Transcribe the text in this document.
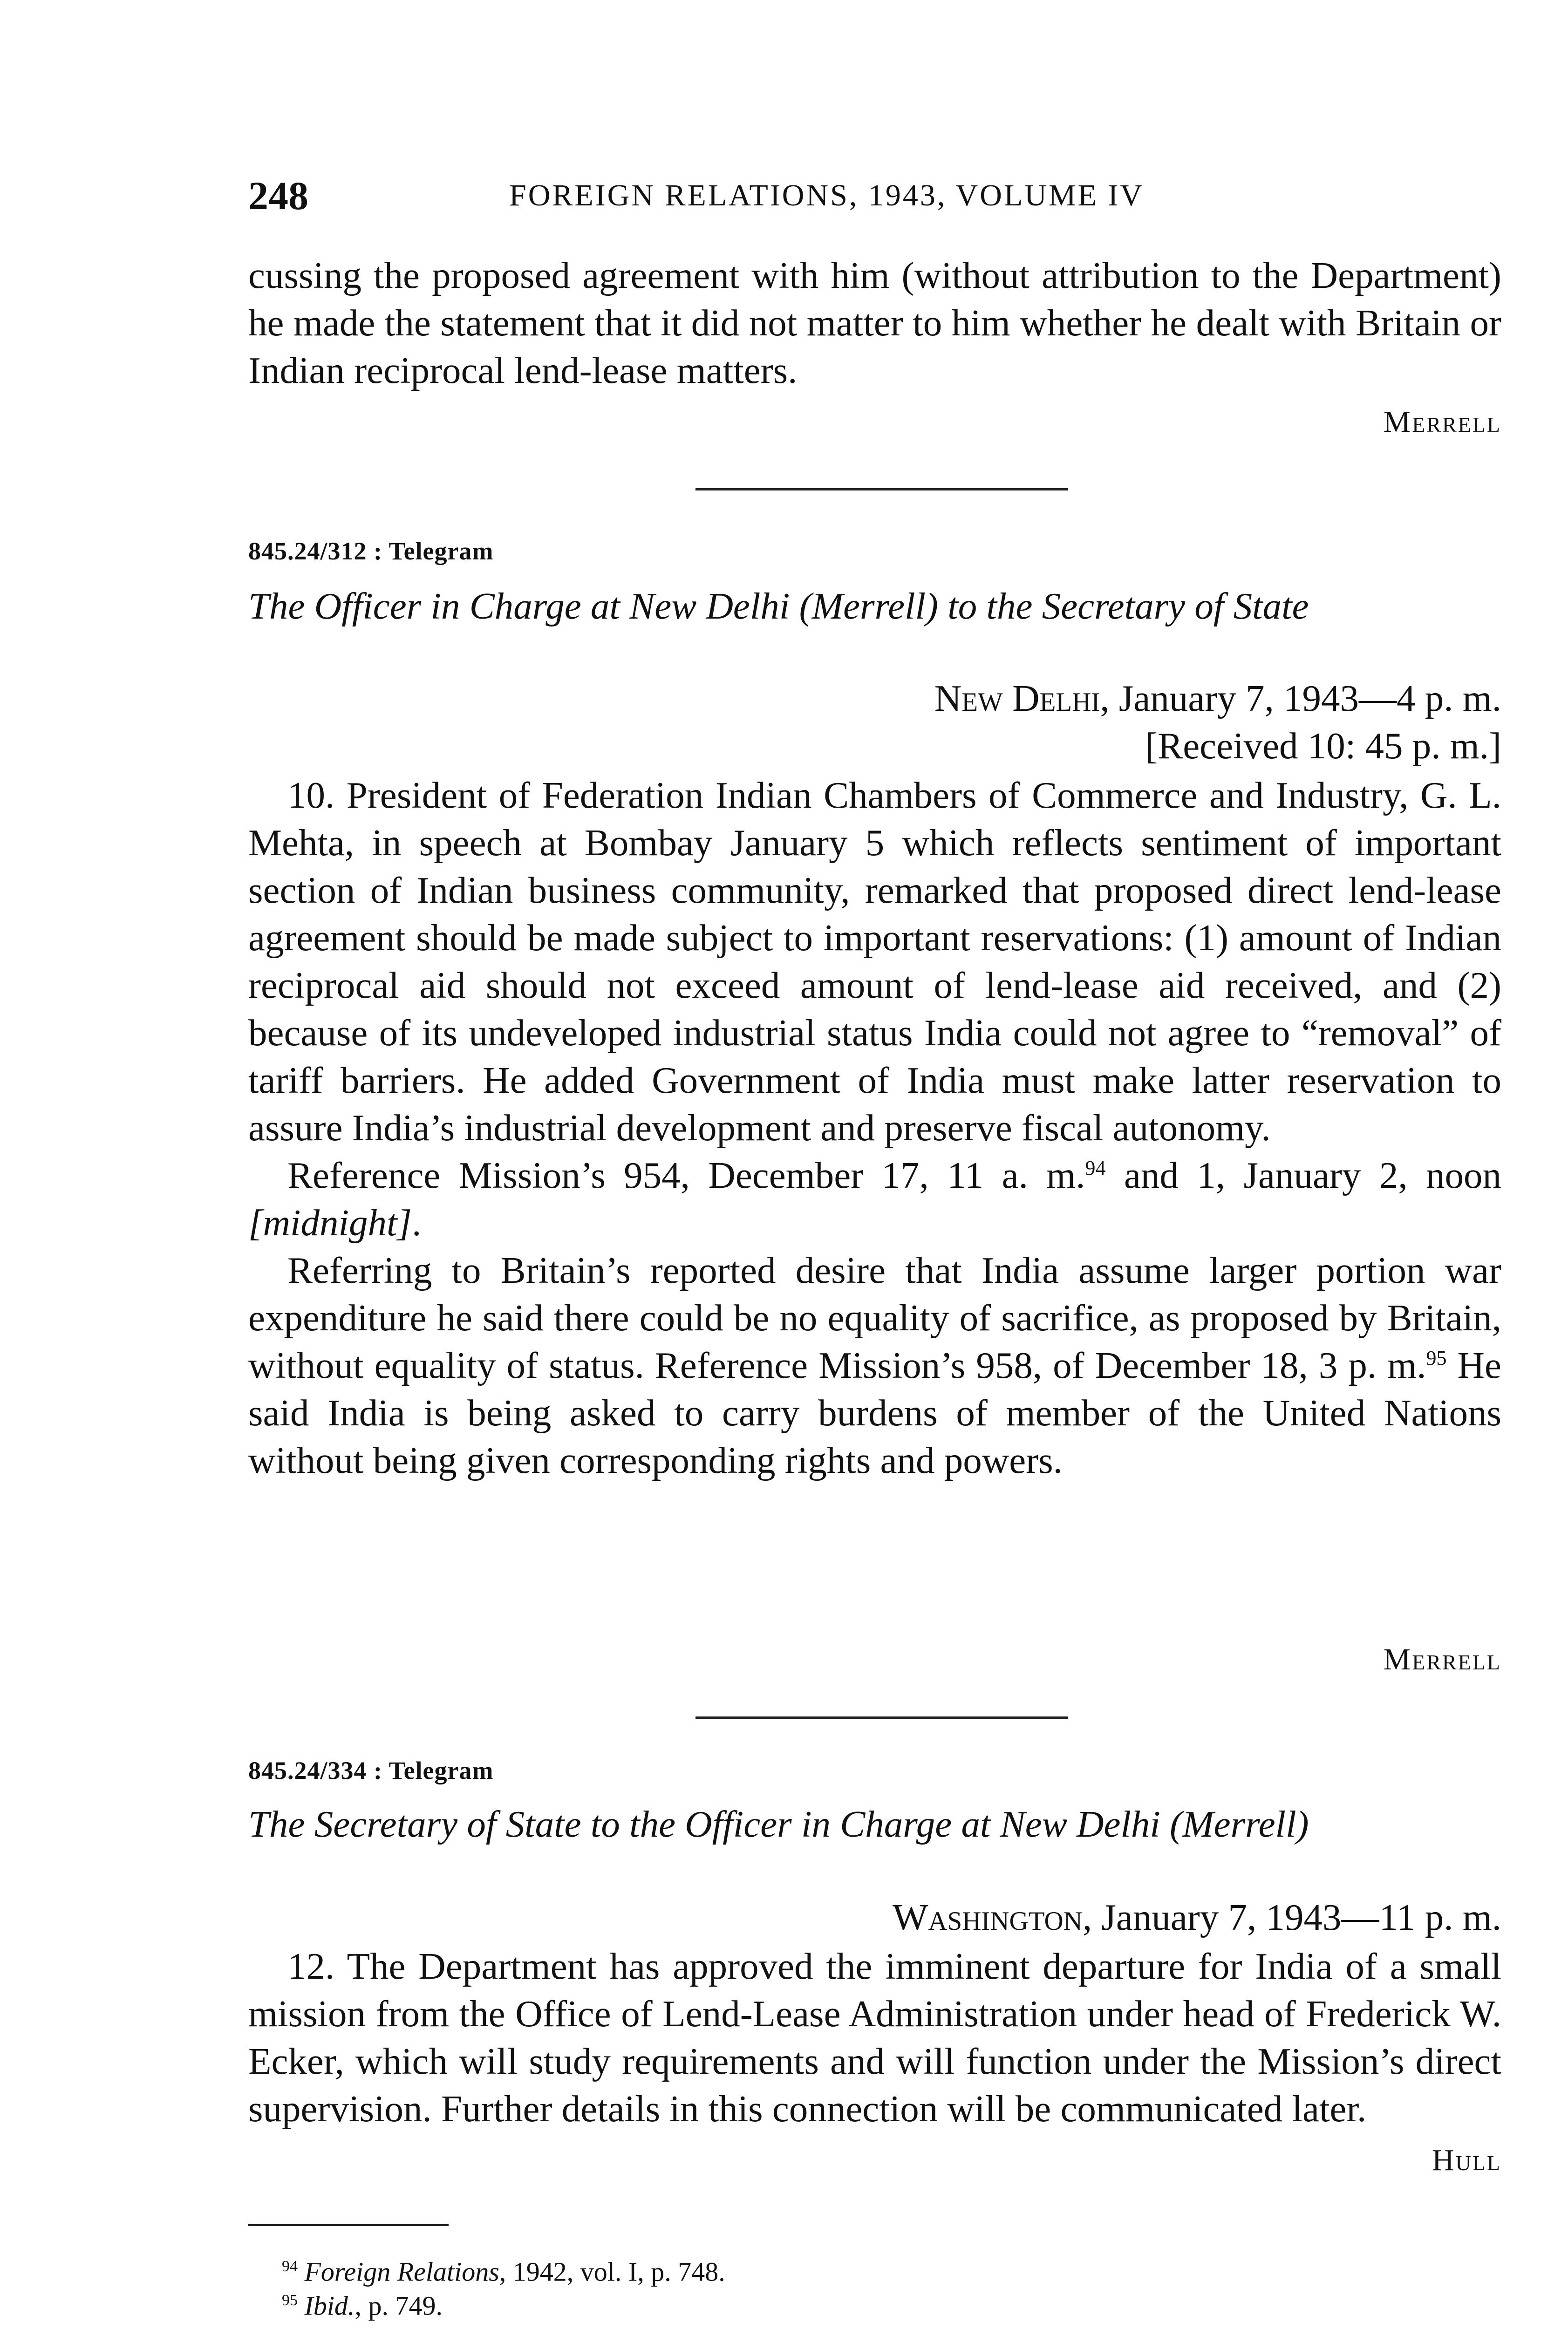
248	FOREIGN RELATIONS, 1943, VOLUME IV

cussing the proposed agreement with him (without attribution to the Department) he made the statement that it did not matter to him whether he dealt with Britain or Indian reciprocal lend-lease matters.

Merrell
845.24/312 : Telegram
The Officer in Charge at New Delhi (Merrell) to the Secretary of State
New Delhi, January 7, 1943—4 p. m.
[Received 10: 45 p. m.]

10. President of Federation Indian Chambers of Commerce and Industry, G. L. Mehta, in speech at Bombay January 5 which reflects sentiment of important section of Indian business community, remarked that proposed direct lend-lease agreement should be made subject to important reservations: (1) amount of Indian reciprocal aid should not exceed amount of lend-lease aid received, and (2) because of its undeveloped industrial status India could not agree to “removal” of tariff barriers. He added Government of India must make latter reservation to assure India’s industrial development and preserve fiscal autonomy.

Reference Mission’s 954, December 17, 11 a. m.$^{94}$ and 1, January 2, noon [midnight].

Referring to Britain’s reported desire that India assume larger portion war expenditure he said there could be no equality of sacrifice, as proposed by Britain, without equality of status. Reference Mission’s 958, of December 18, 3 p. m.$^{95}$ He said India is being asked to carry burdens of member of the United Nations without being given corresponding rights and powers.

Merrell
845.24/334 : Telegram
The Secretary of State to the Officer in Charge at New Delhi (Merrell)
Washington, January 7, 1943—11 p. m.

12. The Department has approved the imminent departure for India of a small mission from the Office of Lend-Lease Administration under head of Frederick W. Ecker, which will study requirements and will function under the Mission’s direct supervision. Further details in this connection will be communicated later.

Hull
$^{94}$ Foreign Relations, 1942, vol. I, p. 748.
$^{95}$ Ibid., p. 749.
